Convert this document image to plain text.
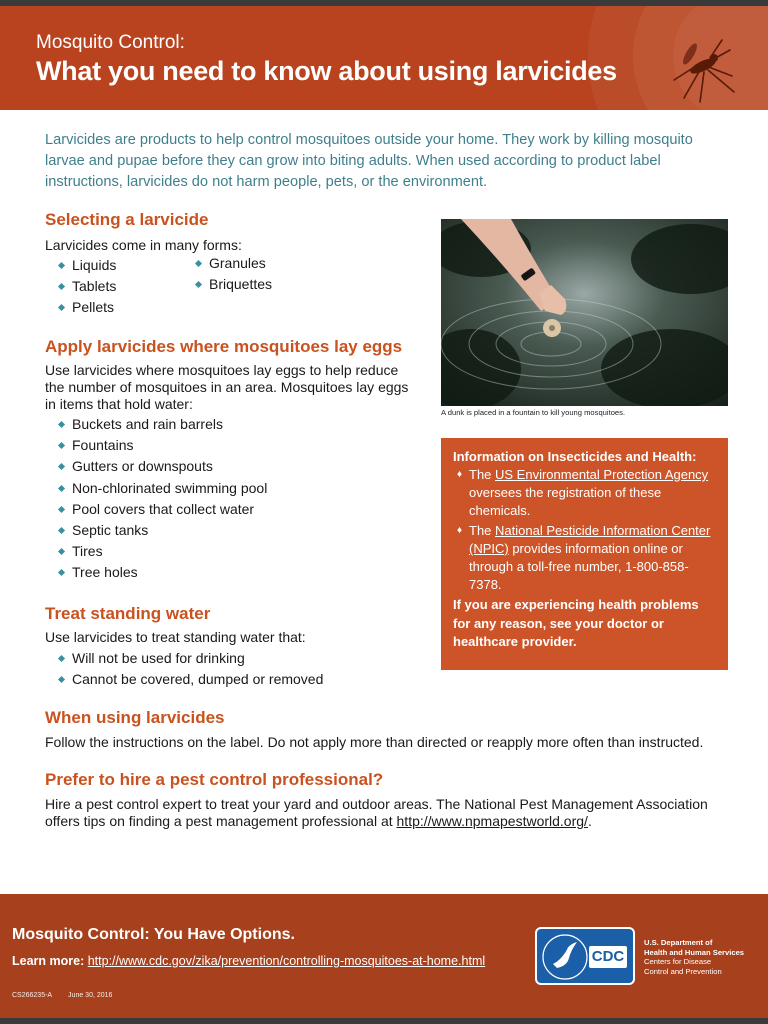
Mosquito Control:
What you need to know about using larvicides
Larvicides are products to help control mosquitoes outside your home. They work by killing mosquito larvae and pupae before they can grow into biting adults. When used according to product label instructions, larvicides do not harm people, pets, or the environment.
Selecting a larvicide
Larvicides come in many forms:
Liquids
Tablets
Pellets
Granules
Briquettes
Apply larvicides where mosquitoes lay eggs
Use larvicides where mosquitoes lay eggs to help reduce the number of mosquitoes in an area. Mosquitoes lay eggs in items that hold water:
Buckets and rain barrels
Fountains
Gutters or downspouts
Non-chlorinated swimming pool
Pool covers that collect water
Septic tanks
Tires
Tree holes
Treat standing water
Use larvicides to treat standing water that:
Will not be used for drinking
Cannot be covered, dumped or removed
When using larvicides
Follow the instructions on the label. Do not apply more than directed or reapply more often than instructed.
Prefer to hire a pest control professional?
Hire a pest control expert to treat your yard and outdoor areas. The National Pest Management Association offers tips on finding a pest management professional at http://www.npmapestworld.org/.
A dunk is placed in a fountain to kill young mosquitoes.
Information on Insecticides and Health:
♦ The US Environmental Protection Agency oversees the registration of these chemicals.
♦ The National Pesticide Information Center (NPIC) provides information online or through a toll-free number, 1-800-858-7378.
If you are experiencing health problems for any reason, see your doctor or healthcare provider.
Mosquito Control: You Have Options.
Learn more: http://www.cdc.gov/zika/prevention/controlling-mosquitoes-at-home.html
CS266235-A June 30, 2016
CDC
U.S. Department of
Health and Human Services
Centers for Disease
Control and Prevention
